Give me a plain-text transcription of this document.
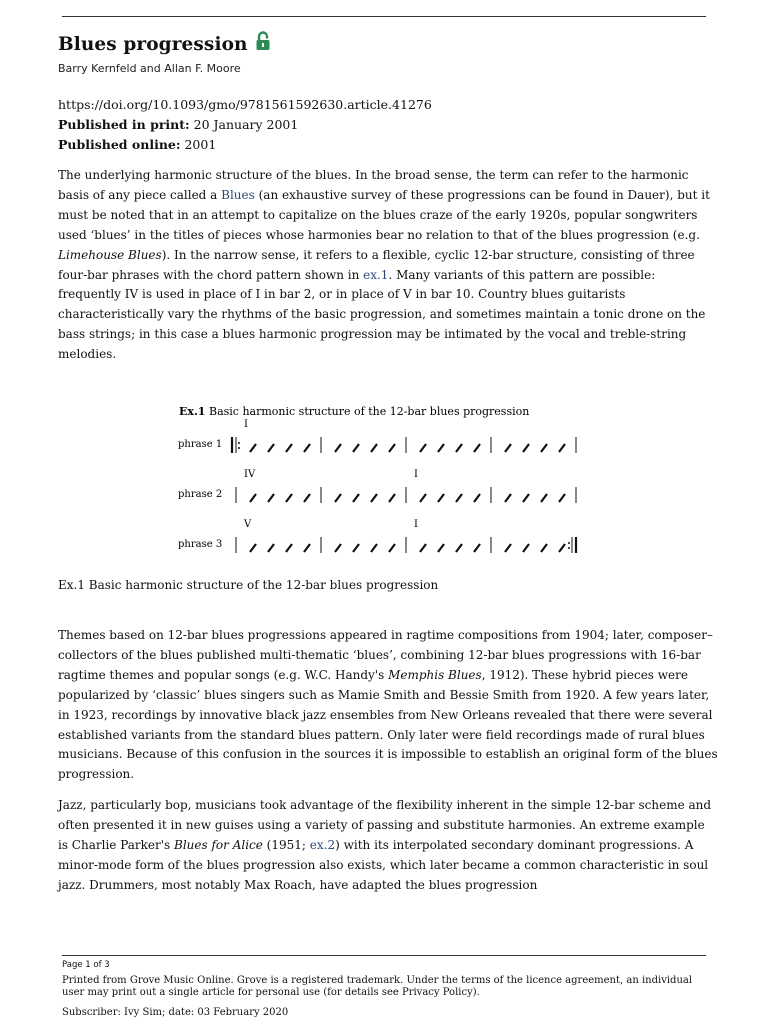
Blues progression
Barry Kernfeld and Allan F. Moore
https://doi.org/10.1093/gmo/9781561592630.article.41276
Published in print: 20 January 2001
Published online: 2001

The underlying harmonic structure of the blues. In the broad sense, the term can refer to the harmonic basis of any piece called a Blues (an exhaustive survey of these progressions can be found in Dauer), but it must be noted that in an attempt to capitalize on the blues craze of the early 1920s, popular songwriters used ‘blues’ in the titles of pieces whose harmonies bear no relation to that of the blues progression (e.g. Limehouse Blues). In the narrow sense, it refers to a flexible, cyclic 12-bar structure, consisting of three four-bar phrases with the chord pattern shown in ex.1. Many variants of this pattern are possible: frequently IV is used in place of I in bar 2, or in place of V in bar 10. Country blues guitarists characteristically vary the rhythms of the basic progression, and sometimes maintain a tonic drone on the bass strings; in this case a blues harmonic progression may be intimated by the vocal and treble-string melodies.

Ex.1 Basic harmonic structure of the 12-bar blues progression
phrase 1
I
phrase 2
IV	I
phrase 3
V	I
Ex.1 Basic harmonic structure of the 12-bar blues progression

Themes based on 12-bar blues progressions appeared in ragtime compositions from 1904; later, composer–collectors of the blues published multi-thematic ‘blues’, combining 12-bar blues progressions with 16-bar ragtime themes and popular songs (e.g. W.C. Handy's Memphis Blues, 1912). These hybrid pieces were popularized by ‘classic’ blues singers such as Mamie Smith and Bessie Smith from 1920. A few years later, in 1923, recordings by innovative black jazz ensembles from New Orleans revealed that there were several established variants from the standard blues pattern. Only later were field recordings made of rural blues musicians. Because of this confusion in the sources it is impossible to establish an original form of the blues progression.

Jazz, particularly bop, musicians took advantage of the flexibility inherent in the simple 12-bar scheme and often presented it in new guises using a variety of passing and substitute harmonies. An extreme example is Charlie Parker's Blues for Alice (1951; ex.2) with its interpolated secondary dominant progressions. A minor-mode form of the blues progression also exists, which later became a common characteristic in soul jazz. Drummers, most notably Max Roach, have adapted the blues progression

Page 1 of 3
Printed from Grove Music Online. Grove is a registered trademark. Under the terms of the licence agreement, an individual user may print out a single article for personal use (for details see Privacy Policy).
Subscriber: Ivy Sim; date: 03 February 2020
